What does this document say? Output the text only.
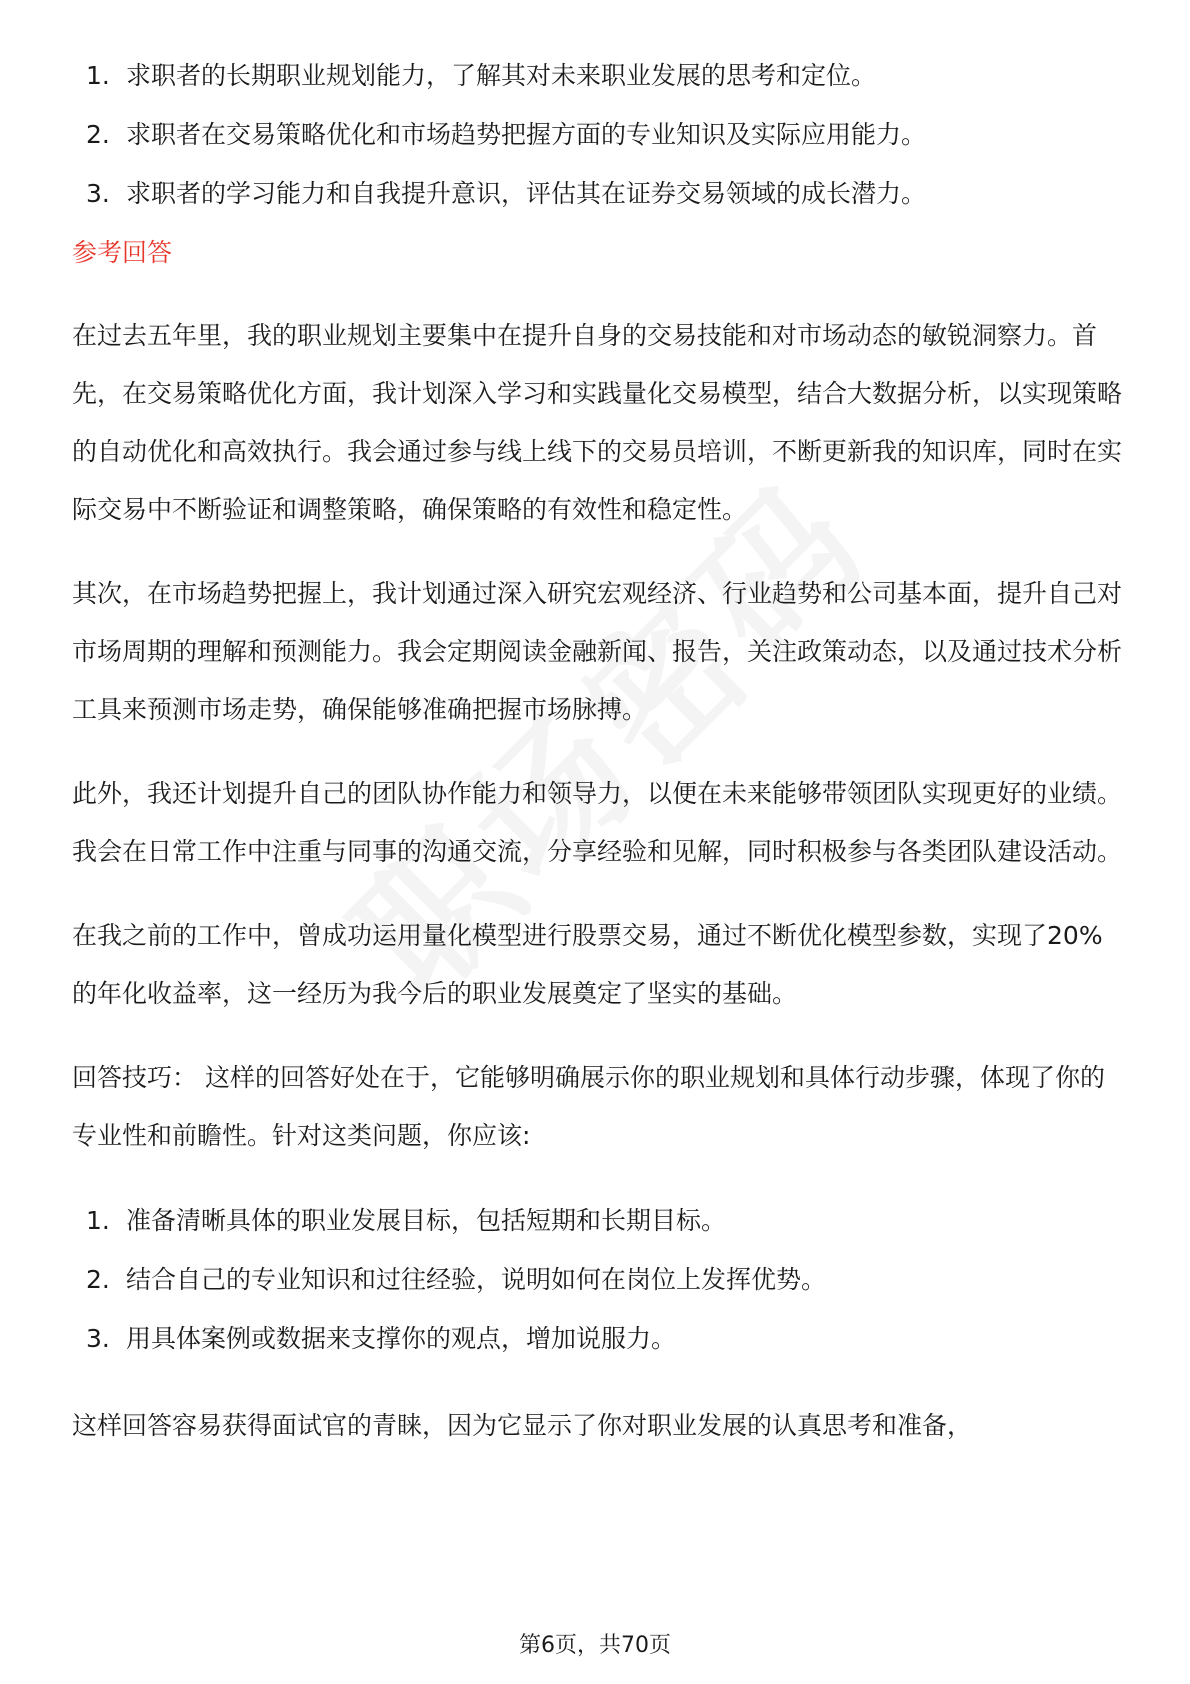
1. 求职者的长期职业规划能力，了解其对未来职业发展的思考和定位。
2. 求职者在交易策略优化和市场趋势把握方面的专业知识及实际应用能力。
3. 求职者的学习能力和自我提升意识，评估其在证券交易领域的成长潜力。
参考回答

在过去五年里，我的职业规划主要集中在提升自身的交易技能和对市场动态的敏锐洞察力。首先，在交易策略优化方面，我计划深入学习和实践量化交易模型，结合大数据分析，以实现策略的自动优化和高效执行。我会通过参与线上线下的交易员培训，不断更新我的知识库，同时在实际交易中不断验证和调整策略，确保策略的有效性和稳定性。

其次，在市场趋势把握上，我计划通过深入研究宏观经济、行业趋势和公司基本面，提升自己对市场周期的理解和预测能力。我会定期阅读金融新闻、报告，关注政策动态，以及通过技术分析工具来预测市场走势，确保能够准确把握市场脉搏。

此外，我还计划提升自己的团队协作能力和领导力，以便在未来能够带领团队实现更好的业绩。我会在日常工作中注重与同事的沟通交流，分享经验和见解，同时积极参与各类团队建设活动。

在我之前的工作中，曾成功运用量化模型进行股票交易，通过不断优化模型参数，实现了20%的年化收益率，这一经历为我今后的职业发展奠定了坚实的基础。

回答技巧： 这样的回答好处在于，它能够明确展示你的职业规划和具体行动步骤，体现了你的专业性和前瞻性。针对这类问题，你应该:

1. 准备清晰具体的职业发展目标，包括短期和长期目标。
2. 结合自己的专业知识和过往经验，说明如何在岗位上发挥优势。
3. 用具体案例或数据来支撑你的观点，增加说服力。

这样回答容易获得面试官的青睐，因为它显示了你对职业发展的认真思考和准备，

第6页，共70页
